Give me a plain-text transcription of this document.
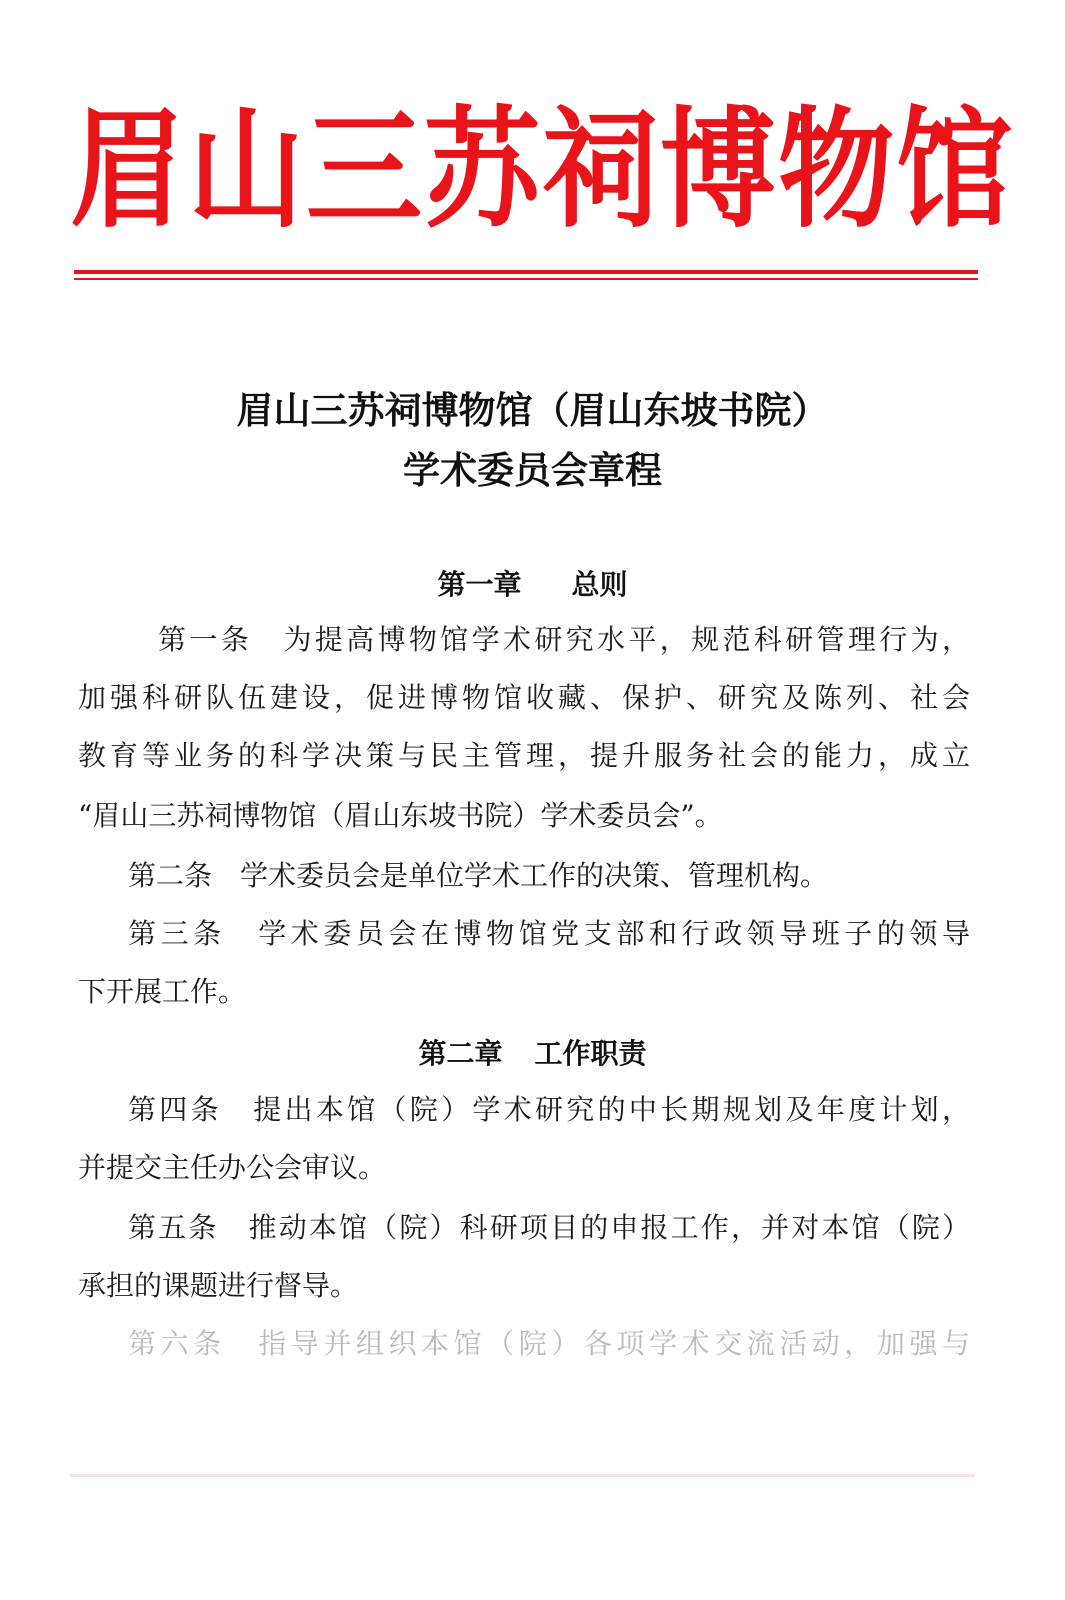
眉山三苏祠博物馆
眉山三苏祠博物馆（眉山东坡书院）
学术委员会章程
第一章 总则
第一条　为提高博物馆学术研究水平，规范科研管理行为，
加强科研队伍建设，促进博物馆收藏、保护、研究及陈列、社会
教育等业务的科学决策与民主管理，提升服务社会的能力，成立
“眉山三苏祠博物馆（眉山东坡书院）学术委员会”。
第二条　学术委员会是单位学术工作的决策、管理机构。
第三条　学术委员会在博物馆党支部和行政领导班子的领导
下开展工作。
第二章 工作职责
第四条　提出本馆（院）学术研究的中长期规划及年度计划，
并提交主任办公会审议。
第五条　推动本馆（院）科研项目的申报工作，并对本馆（院）
承担的课题进行督导。
第六条　指导并组织本馆（院）各项学术交流活动，加强与
